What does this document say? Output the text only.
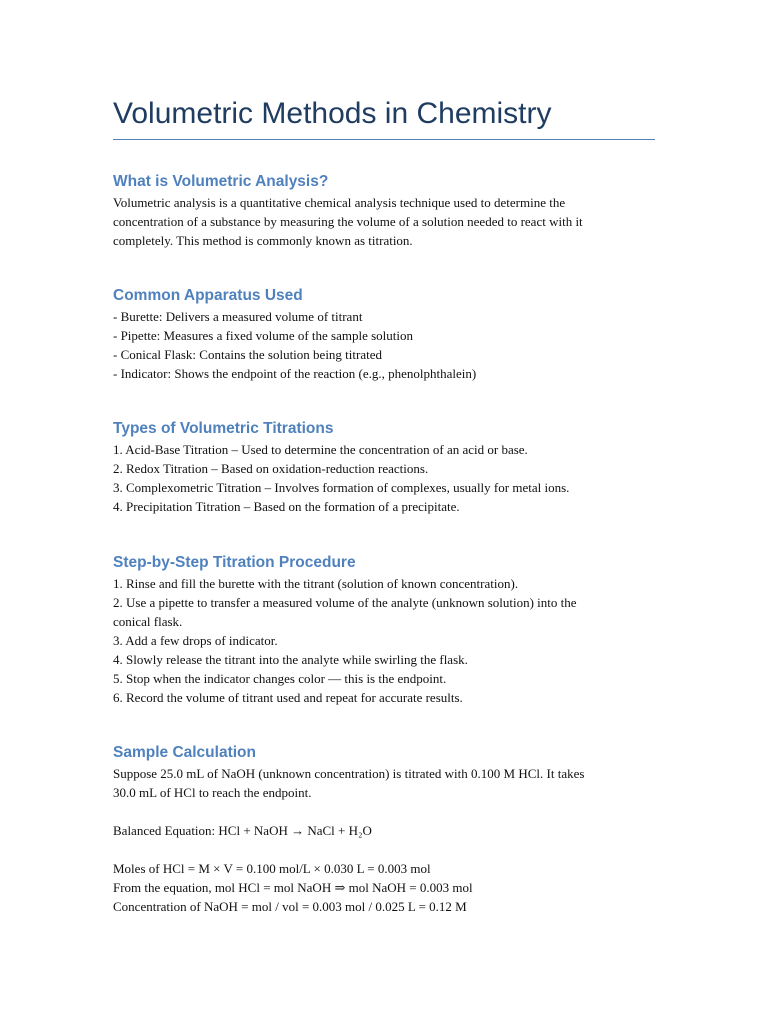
Volumetric Methods in Chemistry
What is Volumetric Analysis?

Volumetric analysis is a quantitative chemical analysis technique used to determine the

concentration of a substance by measuring the volume of a solution needed to react with it

completely. This method is commonly known as titration.

Common Apparatus Used

- Burette: Delivers a measured volume of titrant

- Pipette: Measures a fixed volume of the sample solution

- Conical Flask: Contains the solution being titrated

- Indicator: Shows the endpoint of the reaction (e.g., phenolphthalein)

Types of Volumetric Titrations

1. Acid-Base Titration – Used to determine the concentration of an acid or base.

2. Redox Titration – Based on oxidation-reduction reactions.

3. Complexometric Titration – Involves formation of complexes, usually for metal ions.

4. Precipitation Titration – Based on the formation of a precipitate.

Step-by-Step Titration Procedure

1. Rinse and fill the burette with the titrant (solution of known concentration).

2. Use a pipette to transfer a measured volume of the analyte (unknown solution) into the

conical flask.

3. Add a few drops of indicator.

4. Slowly release the titrant into the analyte while swirling the flask.

5. Stop when the indicator changes color — this is the endpoint.

6. Record the volume of titrant used and repeat for accurate results.

Sample Calculation

Suppose 25.0 mL of NaOH (unknown concentration) is titrated with 0.100 M HCl. It takes

30.0 mL of HCl to reach the endpoint.

Balanced Equation: HCl + NaOH → NaCl + H₂O

Moles of HCl = M × V = 0.100 mol/L × 0.030 L = 0.003 mol

From the equation, mol HCl = mol NaOH ⇒ mol NaOH = 0.003 mol

Concentration of NaOH = mol / vol = 0.003 mol / 0.025 L = 0.12 M
